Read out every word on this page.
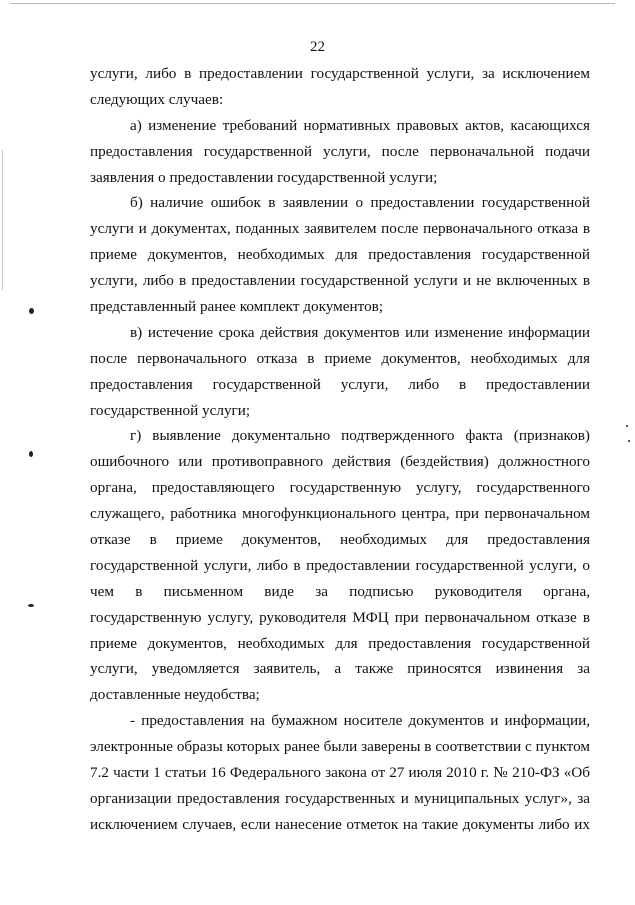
22
услуги, либо в предоставлении государственной услуги, за исключением
следующих случаев:
а) изменение требований нормативных правовых актов, касающихся
предоставления государственной услуги, после первоначальной подачи
заявления о предоставлении государственной услуги;
б) наличие ошибок в заявлении о предоставлении государственной
услуги и документах, поданных заявителем после первоначального отказа в
приеме документов, необходимых для предоставления государственной
услуги, либо в предоставлении государственной услуги и не включенных в
представленный ранее комплект документов;
в) истечение срока действия документов или изменение информации
после первоначального отказа в приеме документов, необходимых для
предоставления государственной услуги, либо в предоставлении
государственной услуги;
г) выявление документально подтвержденного факта (признаков)
ошибочного или противоправного действия (бездействия) должностного
органа, предоставляющего государственную услугу, государственного
служащего, работника многофункционального центра, при первоначальном
отказе в приеме документов, необходимых для предоставления
государственной услуги, либо в предоставлении государственной услуги, о
чем в письменном виде за подписью руководителя органа,
государственную услугу, руководителя МФЦ при первоначальном отказе в
приеме документов, необходимых для предоставления государственной
услуги, уведомляется заявитель, а также приносятся извинения за
доставленные неудобства;
- предоставления на бумажном носителе документов и информации,
электронные образы которых ранее были заверены в соответствии с пунктом
7.2 части 1 статьи 16 Федерального закона от 27 июля 2010 г. № 210-ФЗ «Об
организации предоставления государственных и муниципальных услуг», за
исключением случаев, если нанесение отметок на такие документы либо их
